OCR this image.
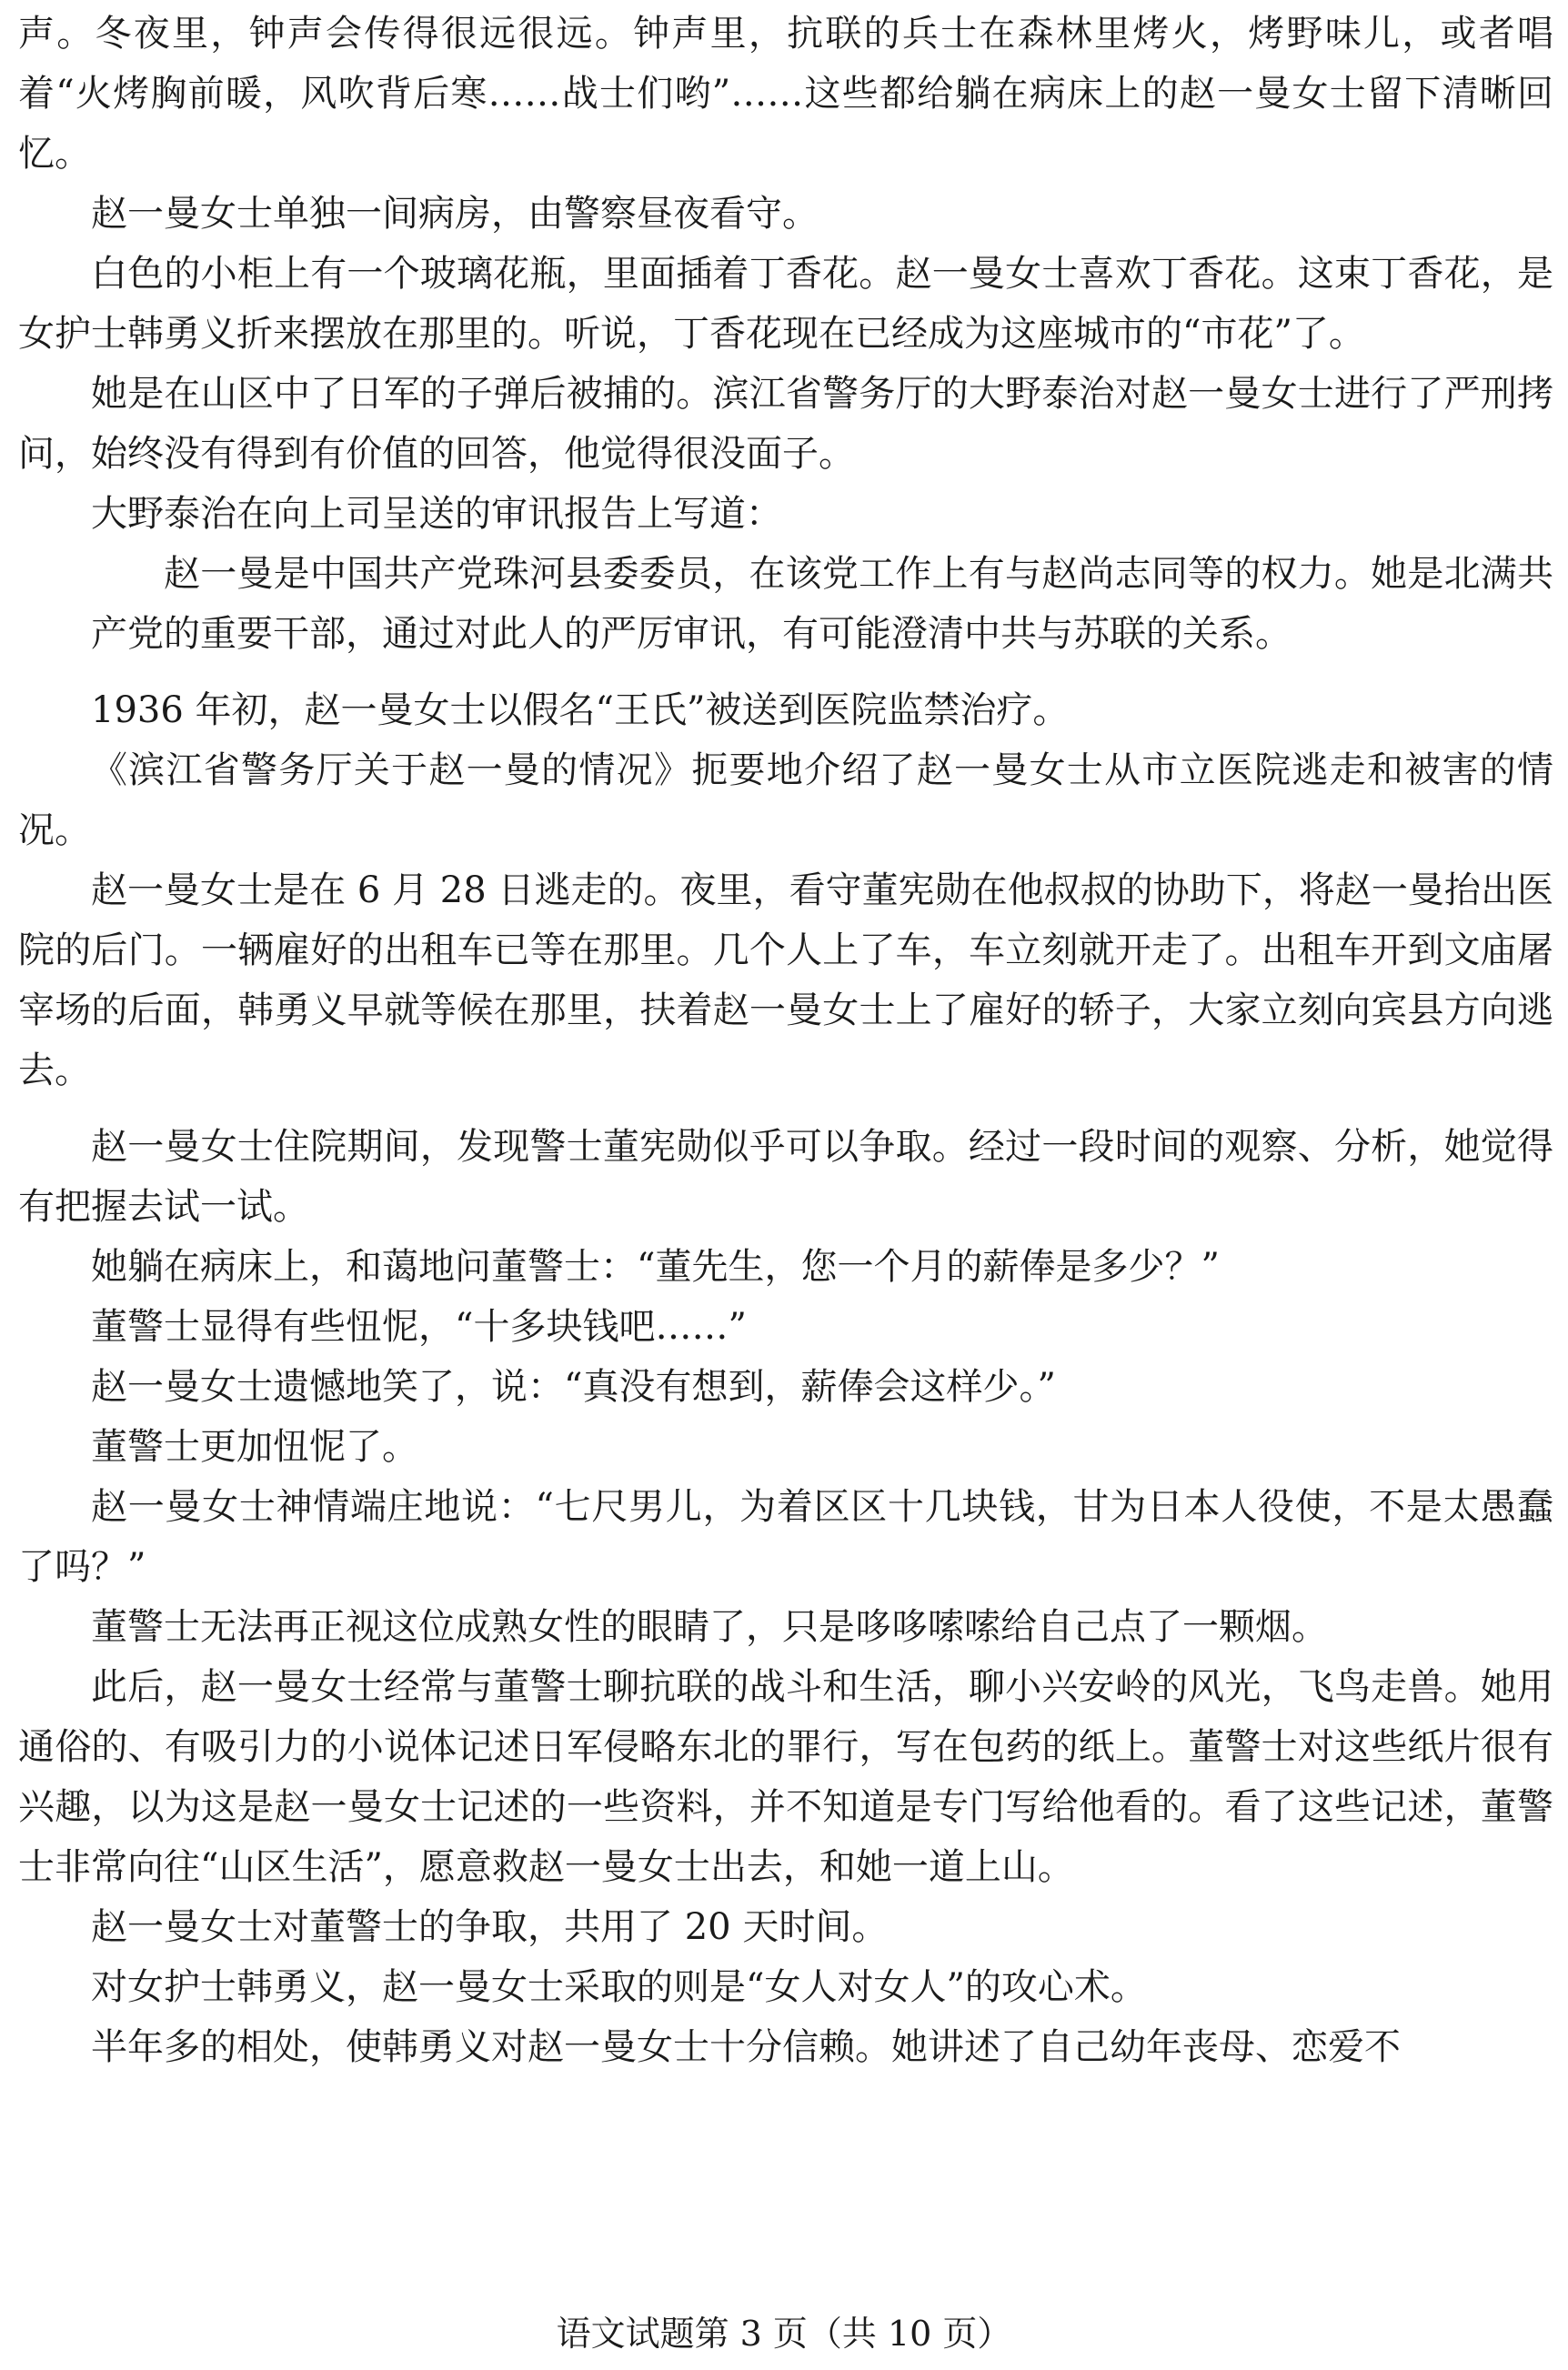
声。冬夜里，钟声会传得很远很远。钟声里，抗联的兵士在森林里烤火，烤野味儿，或者唱着“火烤胸前暖，风吹背后寒……战士们哟”……这些都给躺在病床上的赵一曼女士留下清晰回忆。

赵一曼女士单独一间病房，由警察昼夜看守。

白色的小柜上有一个玻璃花瓶，里面插着丁香花。赵一曼女士喜欢丁香花。这束丁香花，是女护士韩勇义折来摆放在那里的。听说，丁香花现在已经成为这座城市的“市花”了。

她是在山区中了日军的子弹后被捕的。滨江省警务厅的大野泰治对赵一曼女士进行了严刑拷问，始终没有得到有价值的回答，他觉得很没面子。

大野泰治在向上司呈送的审讯报告上写道：

赵一曼是中国共产党珠河县委委员，在该党工作上有与赵尚志同等的权力。她是北满共产党的重要干部，通过对此人的严厉审讯，有可能澄清中共与苏联的关系。

1936 年初，赵一曼女士以假名“王氏”被送到医院监禁治疗。

《滨江省警务厅关于赵一曼的情况》扼要地介绍了赵一曼女士从市立医院逃走和被害的情况。

赵一曼女士是在 6 月 28 日逃走的。夜里，看守董宪勋在他叔叔的协助下，将赵一曼抬出医院的后门。一辆雇好的出租车已等在那里。几个人上了车，车立刻就开走了。出租车开到文庙屠宰场的后面，韩勇义早就等候在那里，扶着赵一曼女士上了雇好的轿子，大家立刻向宾县方向逃去。

赵一曼女士住院期间，发现警士董宪勋似乎可以争取。经过一段时间的观察、分析，她觉得有把握去试一试。

她躺在病床上，和蔼地问董警士：“董先生，您一个月的薪俸是多少？”

董警士显得有些忸怩，“十多块钱吧……”

赵一曼女士遗憾地笑了，说：“真没有想到，薪俸会这样少。”

董警士更加忸怩了。

赵一曼女士神情端庄地说：“七尺男儿，为着区区十几块钱，甘为日本人役使，不是太愚蠢了吗？”

董警士无法再正视这位成熟女性的眼睛了，只是哆哆嗦嗦给自己点了一颗烟。

此后，赵一曼女士经常与董警士聊抗联的战斗和生活，聊小兴安岭的风光，飞鸟走兽。她用通俗的、有吸引力的小说体记述日军侵略东北的罪行，写在包药的纸上。董警士对这些纸片很有兴趣，以为这是赵一曼女士记述的一些资料，并不知道是专门写给他看的。看了这些记述，董警士非常向往“山区生活”，愿意救赵一曼女士出去，和她一道上山。

赵一曼女士对董警士的争取，共用了 20 天时间。

对女护士韩勇义，赵一曼女士采取的则是“女人对女人”的攻心术。

半年多的相处，使韩勇义对赵一曼女士十分信赖。她讲述了自己幼年丧母、恋爱不

语文试题第 3 页（共 10 页）
